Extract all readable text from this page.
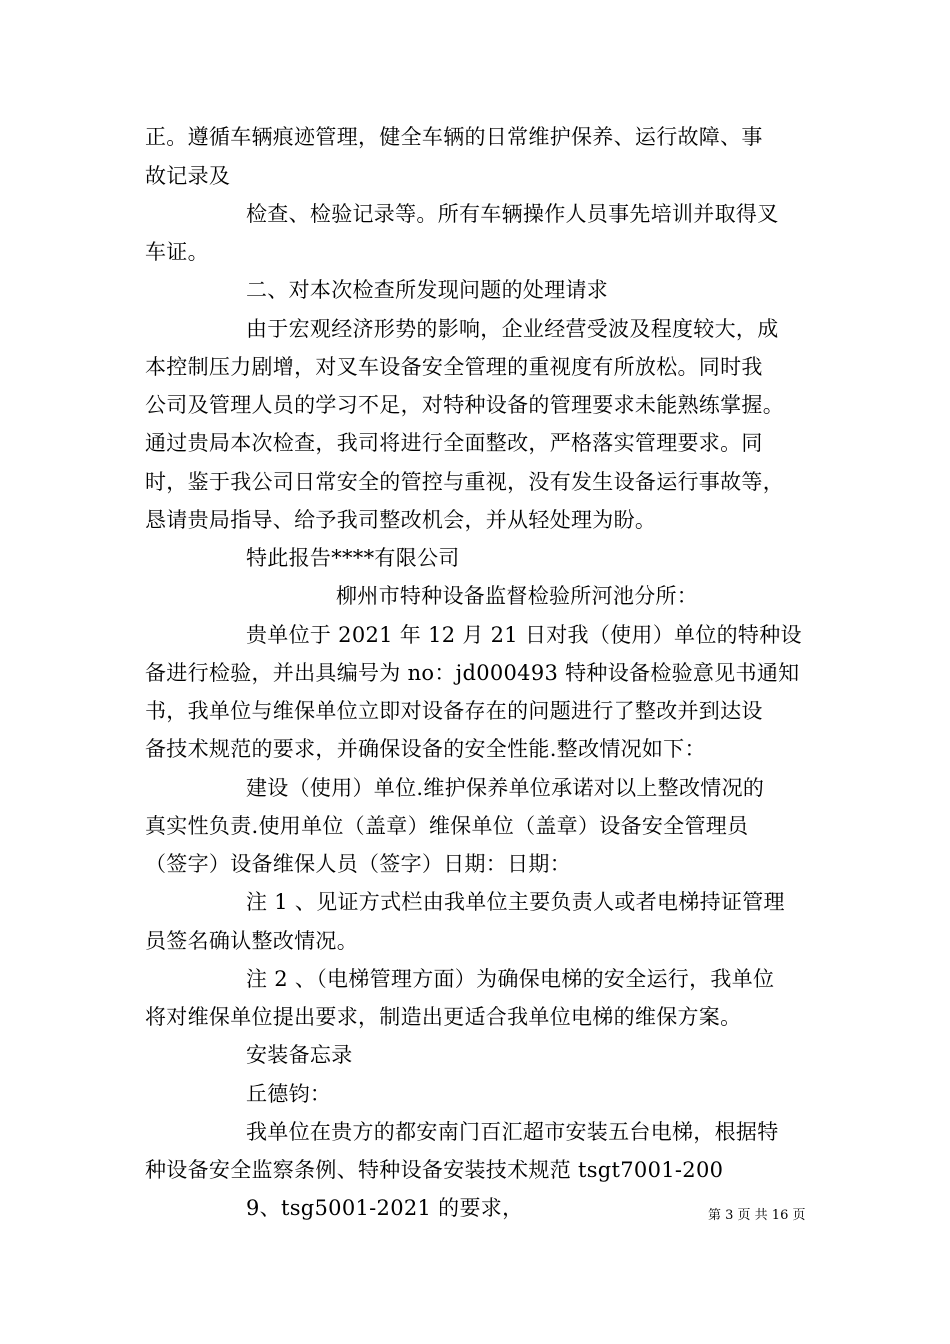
正。遵循车辆痕迹管理，健全车辆的日常维护保养、运行故障、事
故记录及
检查、检验记录等。所有车辆操作人员事先培训并取得叉
车证。
二、对本次检查所发现问题的处理请求
由于宏观经济形势的影响，企业经营受波及程度较大，成
本控制压力剧增，对叉车设备安全管理的重视度有所放松。同时我
公司及管理人员的学习不足，对特种设备的管理要求未能熟练掌握。
通过贵局本次检查，我司将进行全面整改，严格落实管理要求。同
时，鉴于我公司日常安全的管控与重视，没有发生设备运行事故等，
恳请贵局指导、给予我司整改机会，并从轻处理为盼。
特此报告****有限公司
柳州市特种设备监督检验所河池分所：
贵单位于 2021 年 12 月 21 日对我（使用）单位的特种设
备进行检验，并出具编号为 no：jd000493 特种设备检验意见书通知
书，我单位与维保单位立即对设备存在的问题进行了整改并到达设
备技术规范的要求，并确保设备的安全性能.整改情况如下：
建设（使用）单位.维护保养单位承诺对以上整改情况的
真实性负责.使用单位（盖章）维保单位（盖章）设备安全管理员
（签字）设备维保人员（签字）日期：日期：
注 1 、见证方式栏由我单位主要负责人或者电梯持证管理
员签名确认整改情况。
注 2 、（电梯管理方面）为确保电梯的安全运行，我单位
将对维保单位提出要求，制造出更适合我单位电梯的维保方案。
安装备忘录
丘德钧：
我单位在贵方的都安南门百汇超市安装五台电梯，根据特
种设备安全监察条例、特种设备安装技术规范 tsgt7001-200
9、tsg5001-2021 的要求，	第 3 页 共 16 页
